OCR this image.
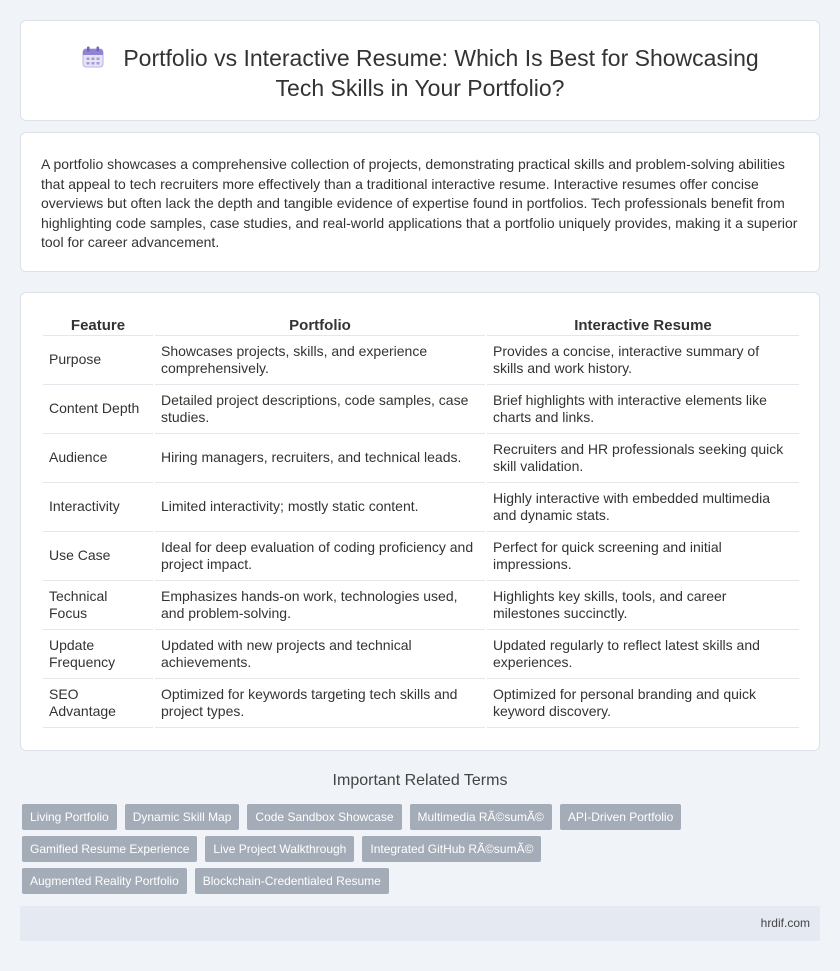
Portfolio vs Interactive Resume: Which Is Best for Showcasing
Tech Skills in Your Portfolio?

A portfolio showcases a comprehensive collection of projects, demonstrating practical skills and problem-solving abilities that appeal to tech recruiters more effectively than a traditional interactive resume. Interactive resumes offer concise overviews but often lack the depth and tangible evidence of expertise found in portfolios. Tech professionals benefit from highlighting code samples, case studies, and real-world applications that a portfolio uniquely provides, making it a superior tool for career advancement.

Feature	Portfolio	Interactive Resume
Purpose	Showcases projects, skills, and experience comprehensively.	Provides a concise, interactive summary of skills and work history.
Content Depth	Detailed project descriptions, code samples, case studies.	Brief highlights with interactive elements like charts and links.
Audience	Hiring managers, recruiters, and technical leads.	Recruiters and HR professionals seeking quick skill validation.
Interactivity	Limited interactivity; mostly static content.	Highly interactive with embedded multimedia and dynamic stats.
Use Case	Ideal for deep evaluation of coding proficiency and project impact.	Perfect for quick screening and initial impressions.
Technical Focus	Emphasizes hands-on work, technologies used, and problem-solving.	Highlights key skills, tools, and career milestones succinctly.
Update Frequency	Updated with new projects and technical achievements.	Updated regularly to reflect latest skills and experiences.
SEO Advantage	Optimized for keywords targeting tech skills and project types.	Optimized for personal branding and quick keyword discovery.
Important Related Terms
Living Portfolio	Dynamic Skill Map	Code Sandbox Showcase	Multimedia RÃ©sumÃ©	API-Driven Portfolio
Gamified Resume Experience	Live Project Walkthrough	Integrated GitHub RÃ©sumÃ©
Augmented Reality Portfolio	Blockchain-Credentialed Resume
hrdif.com
